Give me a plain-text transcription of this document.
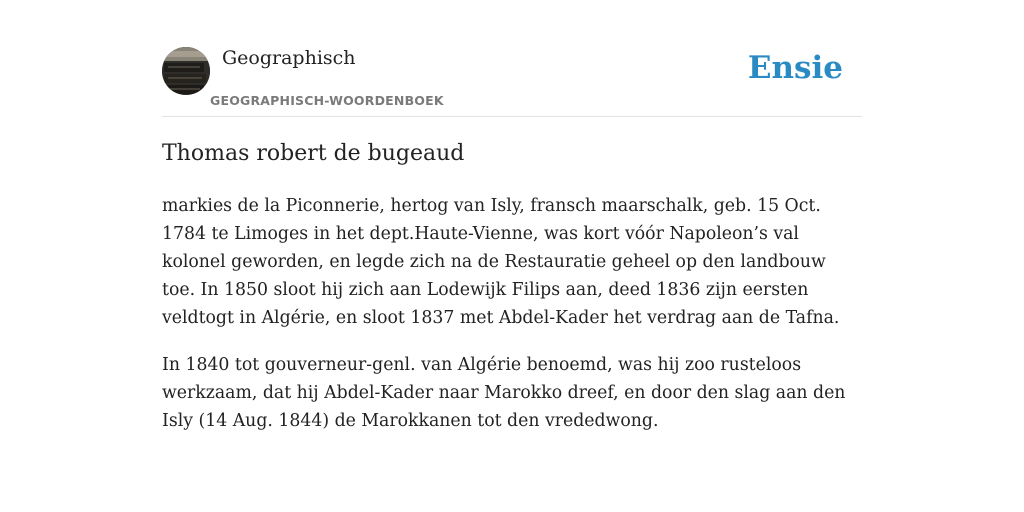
Geographisch
GEOGRAPHISCH-WOORDENBOEK
Ensie
Thomas robert de bugeaud

markies de la Piconnerie, hertog van Isly, fransch maarschalk, geb. 15 Oct. 1784 te Limoges in het dept.Haute-Vienne, was kort vóór Napoleon’s val kolonel geworden, en legde zich na de Restauratie geheel op den landbouw toe. In 1850 sloot hij zich aan Lodewijk Filips aan, deed 1836 zijn eersten veldtogt in Algérie, en sloot 1837 met Abdel-Kader het verdrag aan de Tafna.

In 1840 tot gouverneur-genl. van Algérie benoemd, was hij zoo rusteloos werkzaam, dat hij Abdel-Kader naar Marokko dreef, en door den slag aan den Isly (14 Aug. 1844) de Marokkanen tot den vrededwong.
